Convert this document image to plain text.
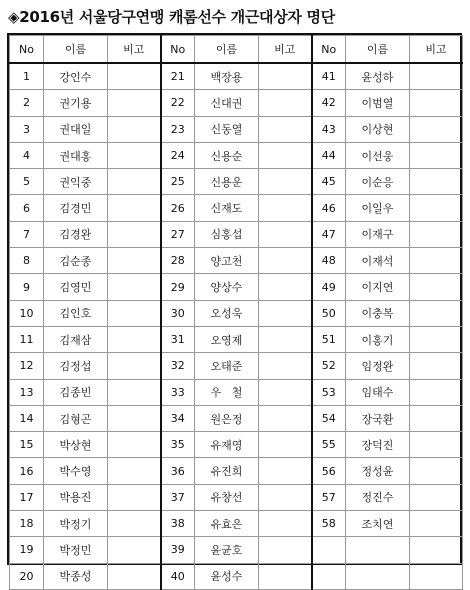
◈2016년 서울당구연맹 캐롬선수 개근대상자 명단
No	이름	비고	No	이름	비고	No	이름	비고
1	강인수		21	백장용		41	윤성하	
2	권기용		22	신대권		42	이범열	
3	권대일		23	신동열		43	이상현	
4	권대홍		24	신용순		44	이선웅	
5	권익중		25	신용운		45	이순응	
6	김경민		26	신재도		46	이일우	
7	김경완		27	심홍섭		47	이재구	
8	김순종		28	양고천		48	이재석	
9	김영민		29	양상수		49	이지연	
10	김인호		30	오성욱		50	이충복	
11	김재삼		31	오영제		51	이홍기	
12	김정섭		32	오태준		52	임정완	
13	김종빈		33	우   철		53	임태수	
14	김형곤		34	원은정		54	장국환	
15	박상현		35	유재영		55	장덕진	
16	박수영		36	유진희		56	정성윤	
17	박용진		37	유창선		57	정진수	
18	박정기		38	유효은		58	조치연	
19	박정민		39	윤균호				
20	박종성		40	윤성수				
